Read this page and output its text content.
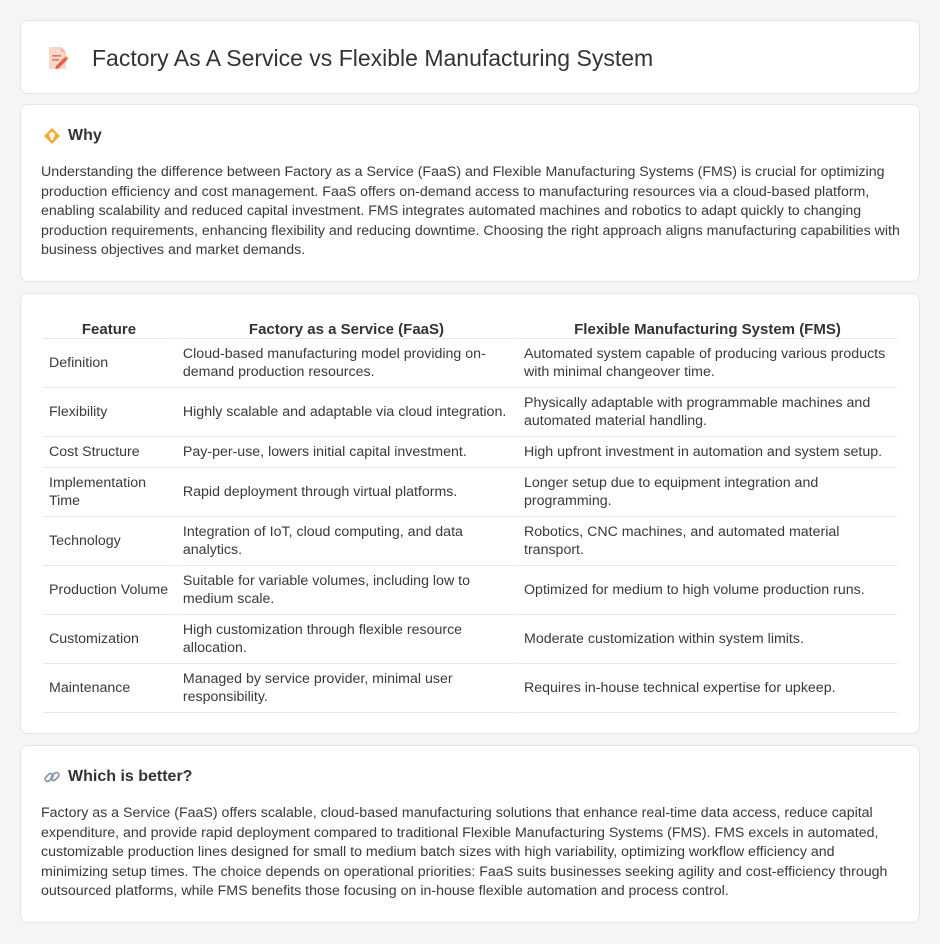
Factory As A Service vs Flexible Manufacturing System
Why

Understanding the difference between Factory as a Service (FaaS) and Flexible Manufacturing Systems (FMS) is crucial for optimizing production efficiency and cost management. FaaS offers on-demand access to manufacturing resources via a cloud-based platform, enabling scalability and reduced capital investment. FMS integrates automated machines and robotics to adapt quickly to changing production requirements, enhancing flexibility and reducing downtime. Choosing the right approach aligns manufacturing capabilities with business objectives and market demands.

Feature	Factory as a Service (FaaS)	Flexible Manufacturing System (FMS)
Definition	Cloud-based manufacturing model providing on-demand production resources.	Automated system capable of producing various products with minimal changeover time.
Flexibility	Highly scalable and adaptable via cloud integration.	Physically adaptable with programmable machines and automated material handling.
Cost Structure	Pay-per-use, lowers initial capital investment.	High upfront investment in automation and system setup.
Implementation Time	Rapid deployment through virtual platforms.	Longer setup due to equipment integration and programming.
Technology	Integration of IoT, cloud computing, and data analytics.	Robotics, CNC machines, and automated material transport.
Production Volume	Suitable for variable volumes, including low to medium scale.	Optimized for medium to high volume production runs.
Customization	High customization through flexible resource allocation.	Moderate customization within system limits.
Maintenance	Managed by service provider, minimal user responsibility.	Requires in-house technical expertise for upkeep.
Which is better?

Factory as a Service (FaaS) offers scalable, cloud-based manufacturing solutions that enhance real-time data access, reduce capital expenditure, and provide rapid deployment compared to traditional Flexible Manufacturing Systems (FMS). FMS excels in automated, customizable production lines designed for small to medium batch sizes with high variability, optimizing workflow efficiency and minimizing setup times. The choice depends on operational priorities: FaaS suits businesses seeking agility and cost-efficiency through outsourced platforms, while FMS benefits those focusing on in-house flexible automation and process control.
